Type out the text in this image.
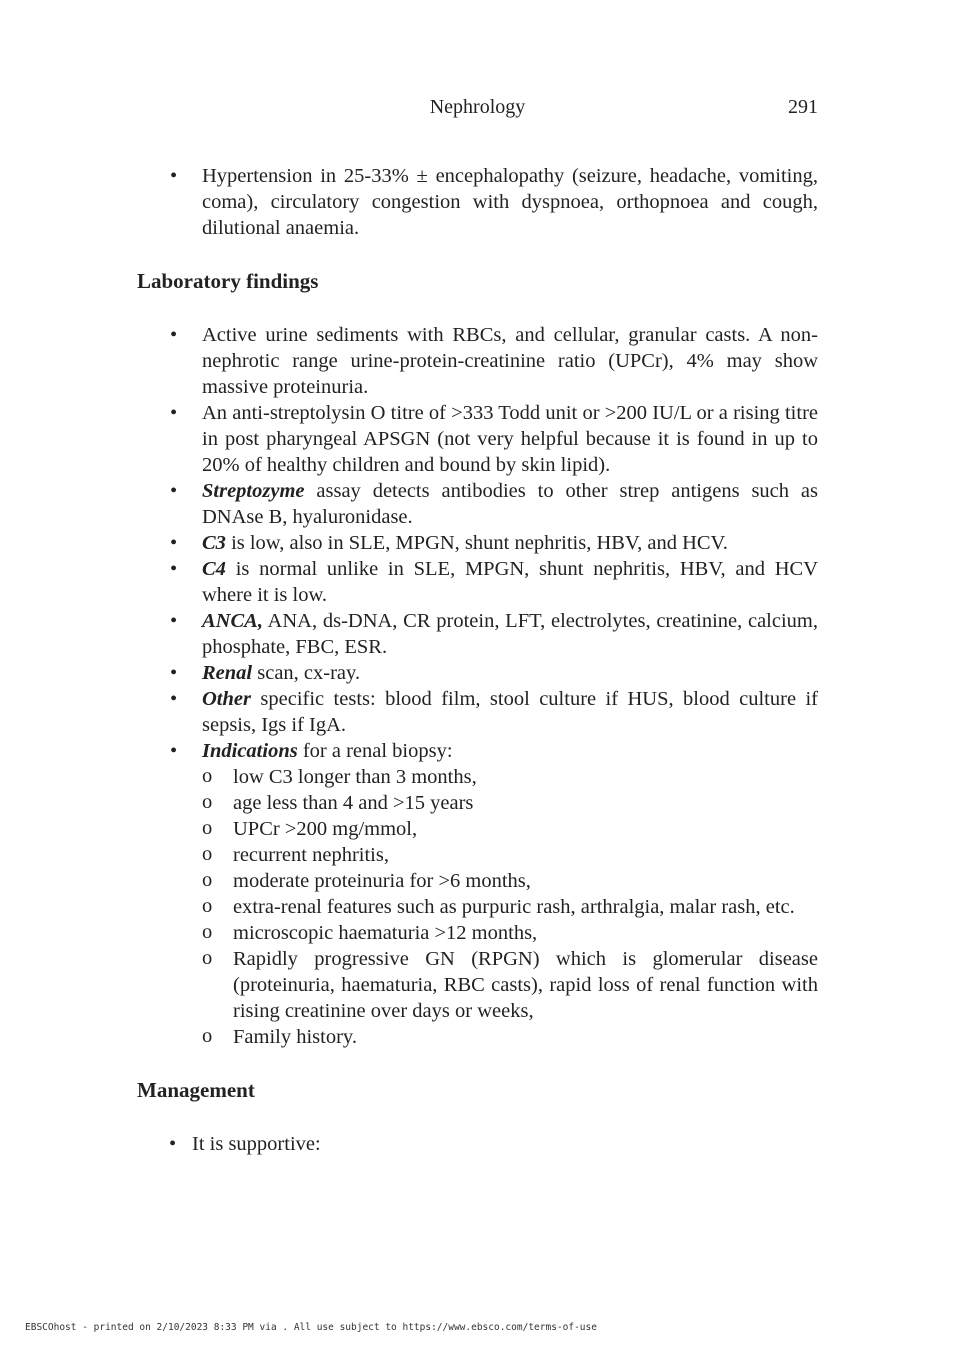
Nephrology	291
• Hypertension in 25-33% ± encephalopathy (seizure, headache, vomiting, coma), circulatory congestion with dyspnoea, orthopnoea and cough, dilutional anaemia.
Laboratory findings
• Active urine sediments with RBCs, and cellular, granular casts. A non-nephrotic range urine-protein-creatinine ratio (UPCr), 4% may show massive proteinuria.
• An anti-streptolysin O titre of >333 Todd unit or >200 IU/L or a rising titre in post pharyngeal APSGN (not very helpful because it is found in up to 20% of healthy children and bound by skin lipid).
• Streptozyme assay detects antibodies to other strep antigens such as DNAse B, hyaluronidase.
• C3 is low, also in SLE, MPGN, shunt nephritis, HBV, and HCV.
• C4 is normal unlike in SLE, MPGN, shunt nephritis, HBV, and HCV where it is low.
• ANCA, ANA, ds-DNA, CR protein, LFT, electrolytes, creatinine, calcium, phosphate, FBC, ESR.
• Renal scan, cx-ray.
• Other specific tests: blood film, stool culture if HUS, blood culture if sepsis, Igs if IgA.
• Indications for a renal biopsy:
o low C3 longer than 3 months,
o age less than 4 and >15 years
o UPCr >200 mg/mmol,
o recurrent nephritis,
o moderate proteinuria for >6 months,
o extra-renal features such as purpuric rash, arthralgia, malar rash, etc.
o microscopic haematuria >12 months,
o Rapidly progressive GN (RPGN) which is glomerular disease (proteinuria, haematuria, RBC casts), rapid loss of renal function with rising creatinine over days or weeks,
o Family history.
Management
• It is supportive:
EBSCOhost - printed on 2/10/2023 8:33 PM via . All use subject to https://www.ebsco.com/terms-of-use
